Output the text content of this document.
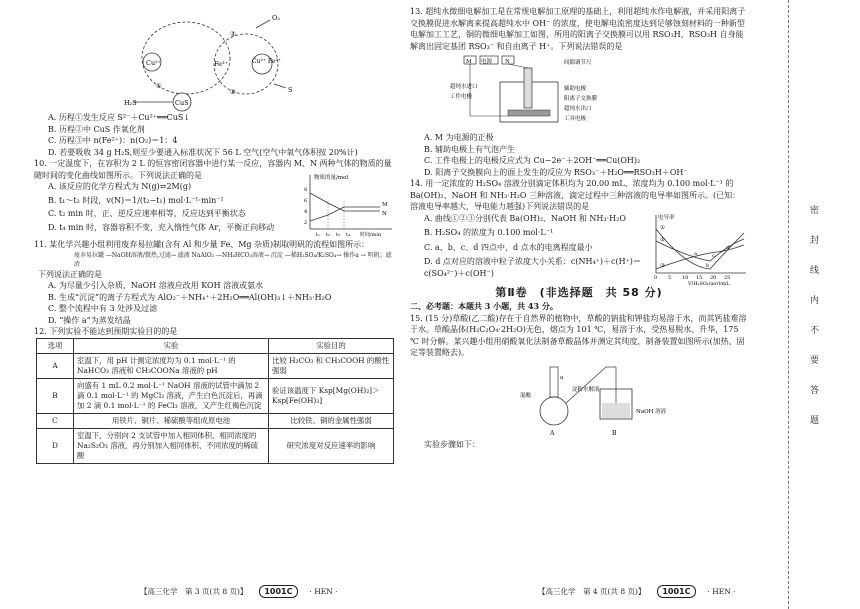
Cu²⁺	Fe³⁺	Cu²⁺ Fe²⁺
CuS
H₂S
O₂
S
①
②
③

A. 历程①发生反应 S²⁻＋Cu²⁺══CuS↓

B. 历程②中 CuS 作氧化剂

C. 历程③中 n(Fe²⁺)：n(O₂)＝1：4

D. 若要吸收 34 g H₂S,则至少要通入标准状况下 56 L 空气(空气中氧气体积按 20%计)

10. 一定温度下，在容积为 2 L 的恒容密闭容器中进行某一反应，容器内 M、N 两种气体的物质的量随时间的变化曲线如图所示。下列说法正确的是

A. 该反应的化学方程式为 N(g)⇌2M(g)

B. t₁～t₂ 时段，v(N)＝1/(t₂−t₁) mol·L⁻¹·min⁻¹

C. t₂ min 时，正、逆反应速率相等，反应达到平衡状态

D. t₄ min 时，容器容积不变，充入惰性气体 Ar，平衡正向移动

物质的量/mol
8
6
4
2
M
N
t₁ t₂ t₃ t₄ 时间/min

11. 某化学兴趣小组利用废弃易拉罐(含有 Al 和少量 Fe、Mg 杂质)制取明矾的流程如图所示：

废弃易拉罐 —NaOH溶液/微热,过滤→ 滤液 NaAlO₂ —NH₄HCO₃溶液→ 沉淀 —稀H₂SO₄/K₂SO₄→ 操作a → 明矾；滤渣

下列说法正确的是

A. 为尽量少引入杂质，NaOH 溶液应改用 KOH 溶液或氨水

B. 生成“沉淀”的离子方程式为 AlO₂⁻＋NH₄⁺＋2H₂O══Al(OH)₃↓＋NH₃·H₂O

C. 整个流程中有 3 处涉及过滤

D. “操作 a”为蒸发结晶

12. 下列实验不能达到预期实验目的的是

选项	实验	实验目的
A	室温下，用 pH 计测定浓度均为 0.1 mol·L⁻¹ 的 NaHCO₃ 溶液和 CH₃COONa 溶液的 pH	比较 H₂CO₃ 和 CH₃COOH 的酸性强弱
B	向盛有 1 mL 0.2 mol·L⁻¹ NaOH 溶液的试管中滴加 2 滴 0.1 mol·L⁻¹ 的 MgCl₂ 溶液，产生白色沉淀后，再滴加 2 滴 0.1 mol·L⁻¹ 的 FeCl₃ 溶液，又产生红褐色沉淀	验证该温度下 Ksp[Mg(OH)₂]＞Ksp[Fe(OH)₃]
C	用铁片、铜片、稀硫酸等组成原电池	比较铁、铜的金属性强弱
D	室温下，分别向 2 支试管中加入相同体积、相同浓度的 Na₂S₂O₃ 溶液，再分别加入相同体积、不同浓度的稀硫酸	研究浓度对反应速率的影响
【高三化学　第 3 页(共 8 页)】 1001C · HEN ·

13. 超纯水微细电解加工是在常规电解加工原理的基础上，利用超纯水作电解液，并采用阳离子交换膜促进水解离来提高超纯水中 OH⁻ 的浓度，使电解电流密度达到足够蚀刻材料的一种新型电解加工工艺，铜的微细电解加工如图，所用的阳离子交换膜可以用 RSO₃H，RSO₃H 自身能解离出固定基团 RSO₃⁻ 和自由离子 H⁺。下列说法错误的是

M 电源 N	间隙调节尺
超纯水进口
工件电极
辅助电极
阳离子交换膜
超纯水出口
工具电极

A. M 为电源的正极

B. 辅助电极上有气泡产生

C. 工件电极上的电极反应式为 Cu−2e⁻＋2OH⁻══Cu(OH)₂

D. 阳离子交换膜向上的面上发生的反应为 RSO₃⁻＋H₂O══RSO₃H＋OH⁻

14. 用一定浓度的 H₂SO₄ 溶液分别滴定体积均为 20.00 mL、浓度均为 0.100 mol·L⁻¹ 的 Ba(OH)₂、NaOH 和 NH₃·H₂O 三种溶液，滴定过程中三种溶液的电导率如图所示。(已知：溶液电导率越大，导电能力越强)下列说法错误的是

A. 曲线①②③分别代表 Ba(OH)₂、NaOH 和 NH₃·H₂O

B. H₂SO₄ 的浓度为 0.100 mol·L⁻¹

C. a、b、c、d 四点中，d 点水的电离程度最小

D. d 点对应的溶液中粒子浓度大小关系：c(NH₄⁺)＋c(H⁺)＝c(SO₄²⁻)＋c(OH⁻)

电导率
①
②
③
a
b
c
d
0 5 10 15 20 25
V[H₂SO₄(aq)]/mL
第Ⅱ卷　(非选择题　共 58 分)

二、必考题：本题共 3 小题，共 43 分。

15. (15 分)草酸(乙二酸)存在于自然界的植物中，草酸的钠盐和钾盐均易溶于水，而其钙盐难溶于水。草酸晶体(H₂C₂O₄·2H₂O)无色，熔点为 101 ℃，易溶于水，受热易脱水、升华，175 ℃ 时分解。某兴趣小组用硝酸氧化法制备草酸晶体并测定其纯度，制备装置如图所示(加热、固定等装置略去)。

混酸
淀粉水解液
a
A	B
NaOH 溶液

实验步骤如下：

【高三化学　第 4 页(共 8 页)】 1001C · HEN ·
密
封
线
内
不
要
答
题
